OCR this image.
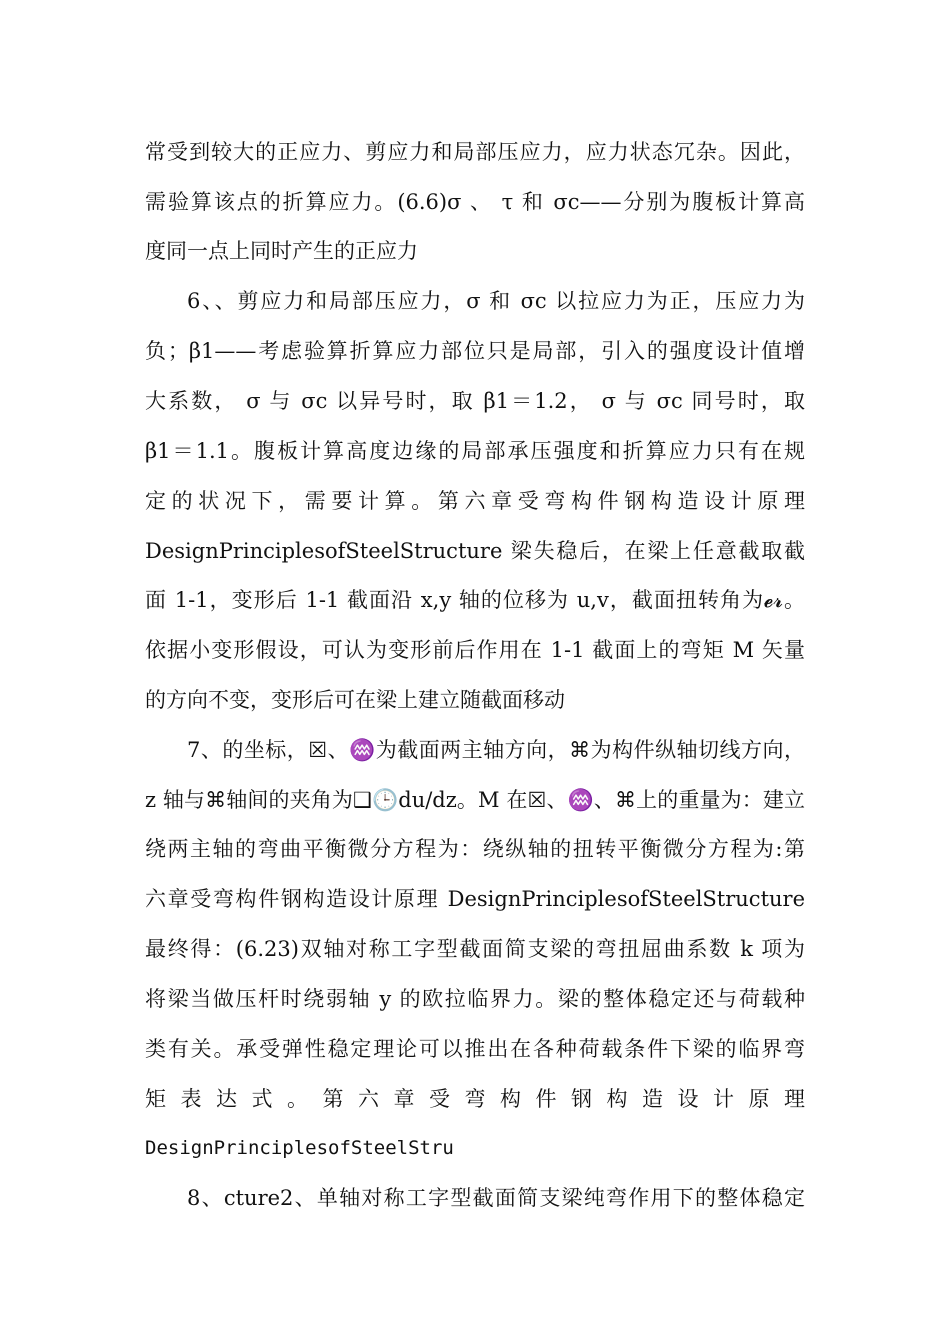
常受到较大的正应力、剪应力和局部压应力，应力状态冗杂。因此，
需验算该点的折算应力。(6.6)σ 、 τ 和 σc——分别为腹板计算高
度同一点上同时产生的正应力
6、、剪应力和局部压应力，σ 和 σc 以拉应力为正，压应力为
负；β1——考虑验算折算应力部位只是局部，引入的强度设计值增
大系数， σ 与 σc 以异号时，取 β1＝1.2， σ 与 σc 同号时，取
β1＝1.1。腹板计算高度边缘的局部承压强度和折算应力只有在规
定的状况下，需要计算。第六章受弯构件钢构造设计原理
DesignPrinciplesofSteelStructure 梁失稳后，在梁上任意截取截
面 1-1，变形后 1-1 截面沿 x,y 轴的位移为 u,v，截面扭转角为𝓮𝓻。
依据小变形假设，可认为变形前后作用在 1-1 截面上的弯矩 M 矢量
的方向不变，变形后可在梁上建立随截面移动
7、的坐标，☒、♒为截面两主轴方向，⌘为构件纵轴切线方向，
z 轴与⌘轴间的夹角为❑🕒du/dz。M 在☒、♒、⌘上的重量为：建立
绕两主轴的弯曲平衡微分方程为：绕纵轴的扭转平衡微分方程为:第
六章受弯构件钢构造设计原理 DesignPrinciplesofSteelStructure
最终得：(6.23)双轴对称工字型截面简支梁的弯扭屈曲系数 k 项为
将梁当做压杆时绕弱轴 y 的欧拉临界力。梁的整体稳定还与荷载种
类有关。承受弹性稳定理论可以推出在各种荷载条件下梁的临界弯
矩表达式。第六章受弯构件钢构造设计原理
DesignPrinciplesofSteelStru
8、cture2、单轴对称工字型截面简支梁纯弯作用下的整体稳定
